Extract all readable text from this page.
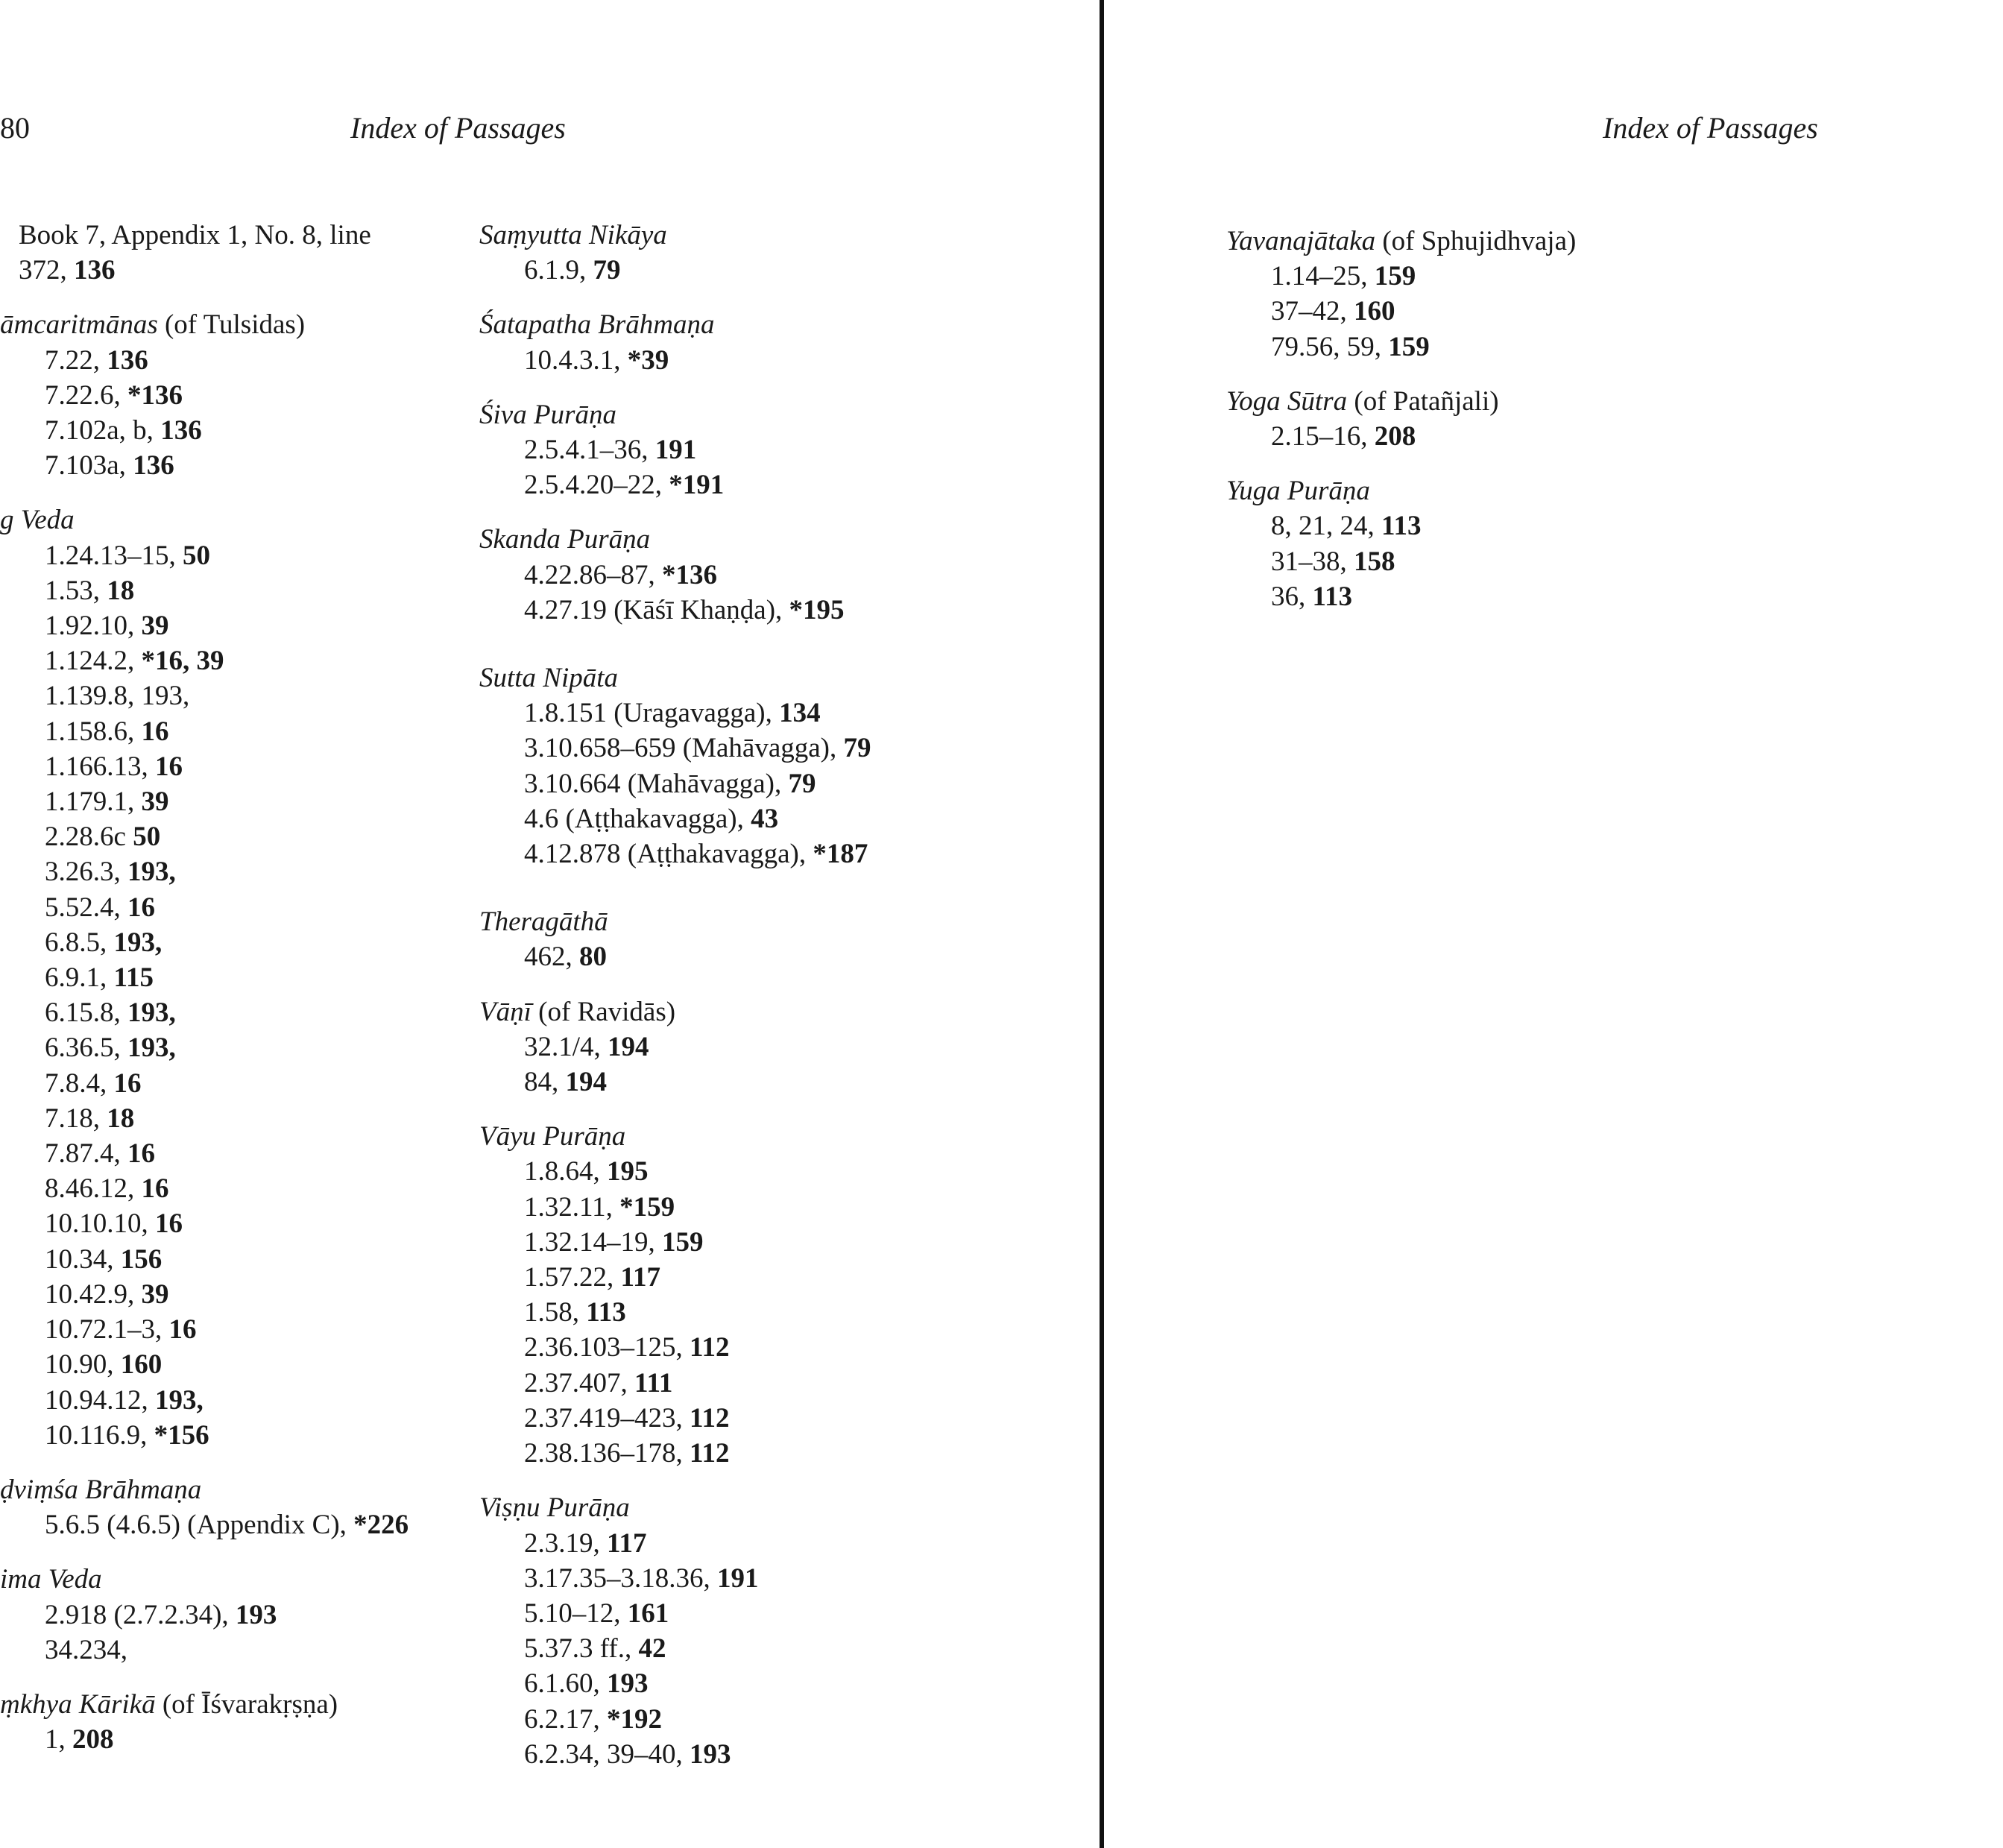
80	Index of Passages	Index of Passages
Book 7, Appendix 1, No. 8, line
372, 136
āmcaritmānas (of Tulsidas)
7.22, 136
7.22.6, *136
7.102a, b, 136
7.103a, 136
g Veda
1.24.13–15, 50
1.53, 18
1.92.10, 39
1.124.2, *16, 39
1.139.8, 193,
1.158.6, 16
1.166.13, 16
1.179.1, 39
2.28.6c 50
3.26.3, 193,
5.52.4, 16
6.8.5, 193,
6.9.1, 115
6.15.8, 193,
6.36.5, 193,
7.8.4, 16
7.18, 18
7.87.4, 16
8.46.12, 16
10.10.10, 16
10.34, 156
10.42.9, 39
10.72.1–3, 16
10.90, 160
10.94.12, 193,
10.116.9, *156
ḍviṃśa Brāhmaṇa
5.6.5 (4.6.5) (Appendix C), *226
ima Veda
2.918 (2.7.2.34), 193
34.234,
ṃkhya Kārikā (of Īśvarakṛṣṇa)
1, 208
Saṃyutta Nikāya
6.1.9, 79
Śatapatha Brāhmaṇa
10.4.3.1, *39
Śiva Purāṇa
2.5.4.1–36, 191
2.5.4.20–22, *191
Skanda Purāṇa
4.22.86–87, *136
4.27.19 (Kāśī Khaṇḍa), *195
Sutta Nipāta
1.8.151 (Uragavagga), 134
3.10.658–659 (Mahāvagga), 79
3.10.664 (Mahāvagga), 79
4.6 (Aṭṭhakavagga), 43
4.12.878 (Aṭṭhakavagga), *187
Theragāthā
462, 80
Vāṇī (of Ravidās)
32.1/4, 194
84, 194
Vāyu Purāṇa
1.8.64, 195
1.32.11, *159
1.32.14–19, 159
1.57.22, 117
1.58, 113
2.36.103–125, 112
2.37.407, 111
2.37.419–423, 112
2.38.136–178, 112
Viṣṇu Purāṇa
2.3.19, 117
3.17.35–3.18.36, 191
5.10–12, 161
5.37.3 ff., 42
6.1.60, 193
6.2.17, *192
6.2.34, 39–40, 193
Yavanajātaka (of Sphujidhvaja)
1.14–25, 159
37–42, 160
79.56, 59, 159
Yoga Sūtra (of Patañjali)
2.15–16, 208
Yuga Purāṇa
8, 21, 24, 113
31–38, 158
36, 113
